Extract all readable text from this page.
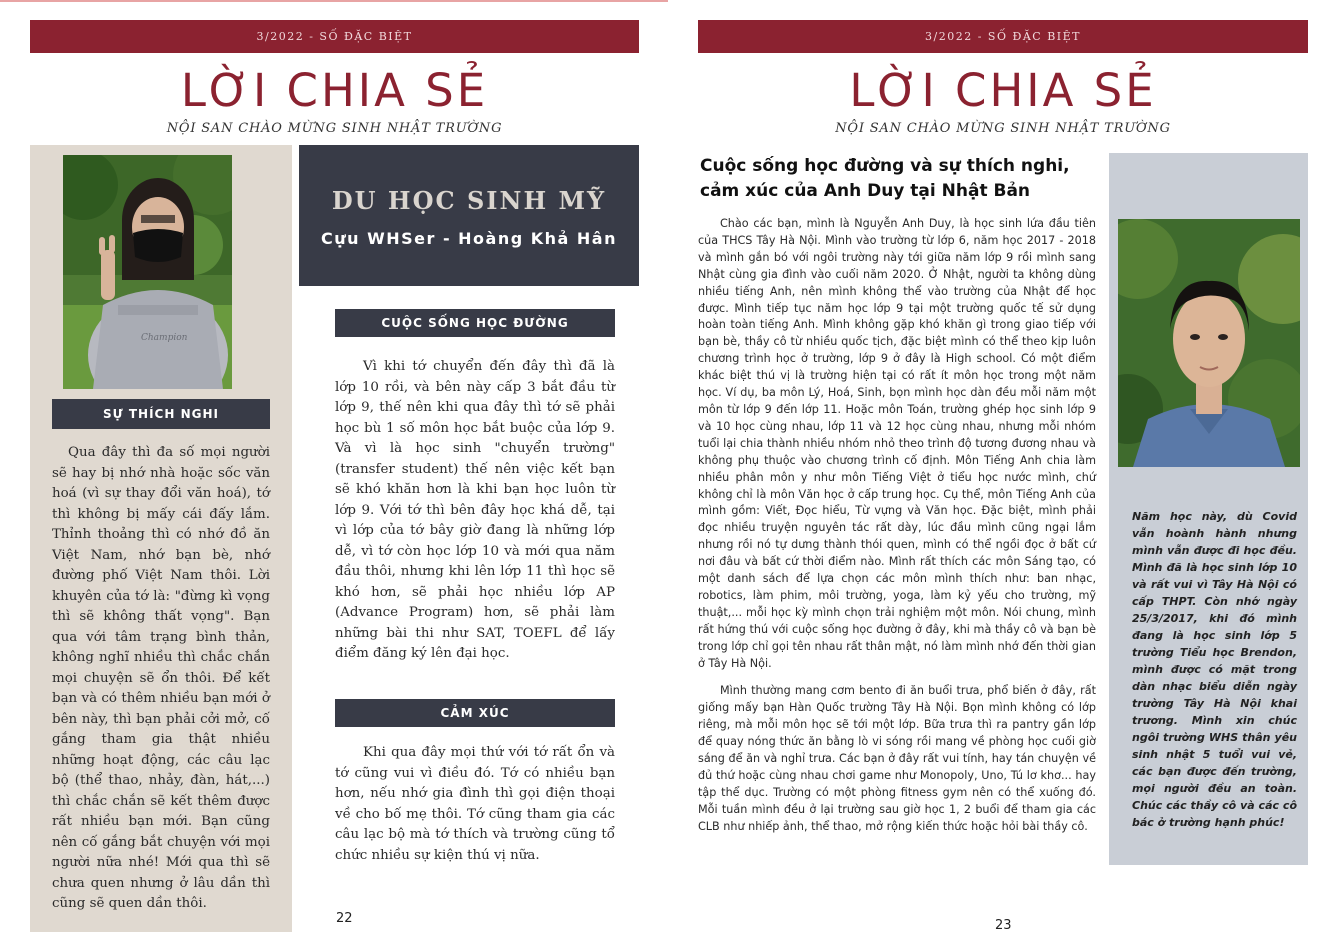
3/2022 - SỐ ĐẶC BIỆT
LỜI CHIA SẺ
NỘI SAN CHÀO MỪNG SINH NHẬT TRƯỜNG
Champion
SỰ THÍCH NGHI

Qua đây thì đa số mọi người sẽ hay bị nhớ nhà hoặc sốc văn hoá (vì sự thay đổi văn hoá), tớ thì không bị mấy cái đấy lắm. Thỉnh thoảng thì có nhớ đồ ăn Việt Nam, nhớ bạn bè, nhớ đường phố Việt Nam thôi. Lời khuyên của tớ là: "đừng kì vọng thì sẽ không thất vọng". Bạn qua với tâm trạng bình thản, không nghĩ nhiều thì chắc chắn mọi chuyện sẽ ổn thôi. Để kết bạn và có thêm nhiều bạn mới ở bên này, thì bạn phải cởi mở, cố gắng tham gia thật nhiều những hoạt động, các câu lạc bộ (thể thao, nhảy, đàn, hát,...) thì chắc chắn sẽ kết thêm được rất nhiều bạn mới. Bạn cũng nên cố gắng bắt chuyện với mọi người nữa nhé! Mới qua thì sẽ chưa quen nhưng ở lâu dần thì cũng sẽ quen dần thôi.

DU HỌC SINH MỸ
Cựu WHSer - Hoàng Khả Hân
CUỘC SỐNG HỌC ĐƯỜNG

Vì khi tớ chuyển đến đây thì đã là lớp 10 rồi, và bên này cấp 3 bắt đầu từ lớp 9, thế nên khi qua đây thì tớ sẽ phải học bù 1 số môn học bắt buộc của lớp 9. Và vì là học sinh "chuyển trường" (transfer student) thế nên việc kết bạn sẽ khó khăn hơn là khi bạn học luôn từ lớp 9. Với tớ thì bên đây học khá dễ, tại vì lớp của tớ bây giờ đang là những lớp dễ, vì tớ còn học lớp 10 và mới qua năm đầu thôi, nhưng khi lên lớp 11 thì học sẽ khó hơn, sẽ phải học nhiều lớp AP (Advance Program) hơn, sẽ phải làm những bài thi như SAT, TOEFL để lấy điểm đăng ký lên đại học.

CẢM XÚC

Khi qua đây mọi thứ với tớ rất ổn và tớ cũng vui vì điều đó. Tớ có nhiều bạn hơn, nếu nhớ gia đình thì gọi điện thoại về cho bố mẹ thôi. Tớ cũng tham gia các câu lạc bộ mà tớ thích và trường cũng tổ chức nhiều sự kiện thú vị nữa.

22
3/2022 - SỐ ĐẶC BIỆT
LỜI CHIA SẺ
NỘI SAN CHÀO MỪNG SINH NHẬT TRƯỜNG
Cuộc sống học đường và sự thích nghi,
cảm xúc của Anh Duy tại Nhật Bản

Chào các bạn, mình là Nguyễn Anh Duy, là học sinh lứa đầu tiên của THCS Tây Hà Nội. Mình vào trường từ lớp 6, năm học 2017 - 2018 và mình gắn bó với ngôi trường này tới giữa năm lớp 9 rồi mình sang Nhật cùng gia đình vào cuối năm 2020. Ở Nhật, người ta không dùng nhiều tiếng Anh, nên mình không thể vào trường của Nhật để học được. Mình tiếp tục năm học lớp 9 tại một trường quốc tế sử dụng hoàn toàn tiếng Anh. Mình không gặp khó khăn gì trong giao tiếp với bạn bè, thầy cô từ nhiều quốc tịch, đặc biệt mình có thể theo kịp luôn chương trình học ở trường, lớp 9 ở đây là High school. Có một điểm khác biệt thú vị là trường hiện tại có rất ít môn học trong một năm học. Ví dụ, ba môn Lý, Hoá, Sinh, bọn mình học dàn đều mỗi năm một môn từ lớp 9 đến lớp 11. Hoặc môn Toán, trường ghép học sinh lớp 9 và 10 học cùng nhau, lớp 11 và 12 học cùng nhau, nhưng mỗi nhóm tuổi lại chia thành nhiều nhóm nhỏ theo trình độ tương đương nhau và không phụ thuộc vào chương trình cố định. Môn Tiếng Anh chia làm nhiều phân môn y như môn Tiếng Việt ở tiểu học nước mình, chứ không chỉ là môn Văn học ở cấp trung học. Cụ thể, môn Tiếng Anh của mình gồm: Viết, Đọc hiểu, Từ vựng và Văn học. Đặc biệt, mình phải đọc nhiều truyện nguyên tác rất dày, lúc đầu mình cũng ngại lắm nhưng rồi nó tự dưng thành thói quen, mình có thể ngồi đọc ở bất cứ nơi đâu và bất cứ thời điểm nào. Mình rất thích các môn Sáng tạo, có một danh sách để lựa chọn các môn mình thích như: ban nhạc, robotics, làm phim, môi trường, yoga, làm kỷ yếu cho trường, mỹ thuật,... mỗi học kỳ mình chọn trải nghiệm một môn. Nói chung, mình rất hứng thú với cuộc sống học đường ở đây, khi mà thầy cô và bạn bè trong lớp chỉ gọi tên nhau rất thân mật, nó làm mình nhớ đến thời gian ở Tây Hà Nội.

Mình thường mang cơm bento đi ăn buổi trưa, phổ biến ở đây, rất giống mấy bạn Hàn Quốc trường Tây Hà Nội. Bọn mình không có lớp riêng, mà mỗi môn học sẽ tới một lớp. Bữa trưa thì ra pantry gần lớp để quay nóng thức ăn bằng lò vi sóng rồi mang về phòng học cuối giờ sáng để ăn và nghỉ trưa. Các bạn ở đây rất vui tính, hay tán chuyện về đủ thứ hoặc cùng nhau chơi game như Monopoly, Uno, Tú lơ khơ... hay tập thể dục. Trường có một phòng fitness gym nên có thể xuống đó. Mỗi tuần mình đều ở lại trường sau giờ học 1, 2 buổi để tham gia các CLB như nhiếp ảnh, thể thao, mở rộng kiến thức hoặc hỏi bài thầy cô.

Năm học này, dù Covid vẫn hoành hành nhưng mình vẫn được đi học đều. Mình đã là học sinh lớp 10 và rất vui vì Tây Hà Nội có cấp THPT. Còn nhớ ngày 25/3/2017, khi đó mình đang là học sinh lớp 5 trường Tiểu học Brendon, mình được có mặt trong dàn nhạc biểu diễn ngày trường Tây Hà Nội khai trương. Mình xin chúc ngôi trường WHS thân yêu sinh nhật 5 tuổi vui vẻ, các bạn được đến trường, mọi người đều an toàn. Chúc các thầy cô và các cô bác ở trường hạnh phúc!

23
